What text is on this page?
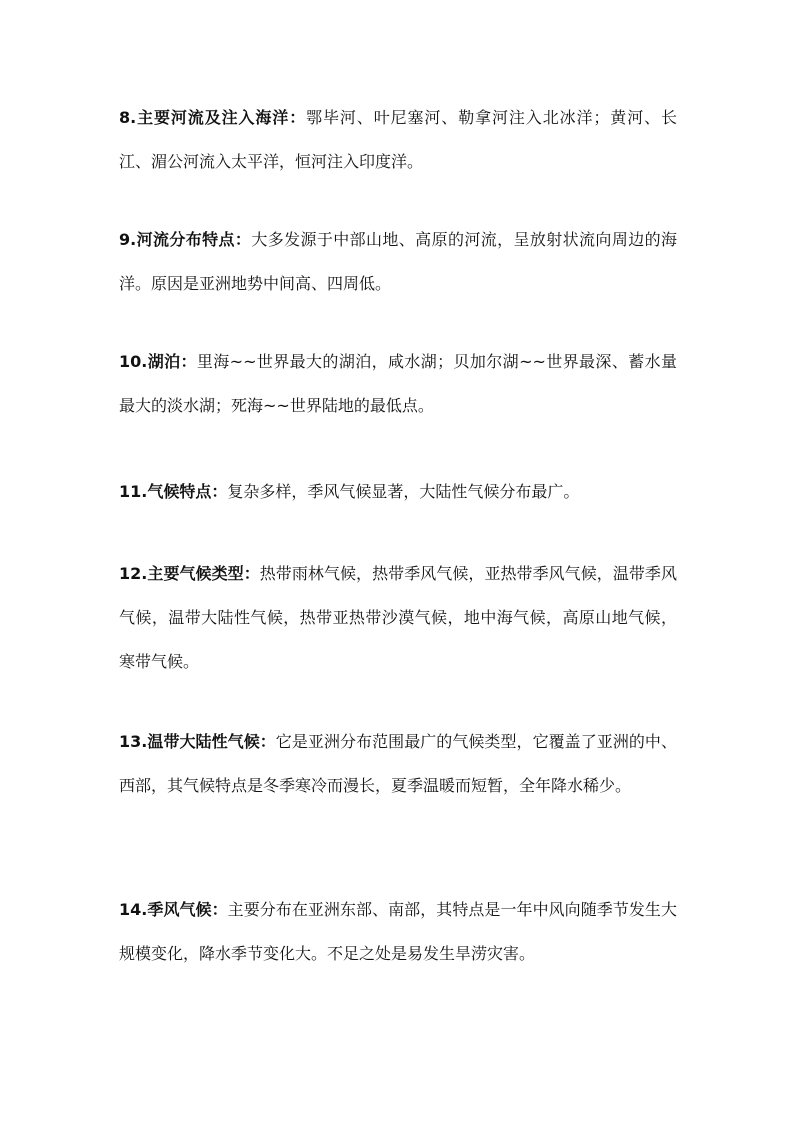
8.主要河流及注入海洋：鄂毕河、叶尼塞河、勒拿河注入北冰洋；黄河、长江、湄公河流入太平洋，恒河注入印度洋。

9.河流分布特点：大多发源于中部山地、高原的河流，呈放射状流向周边的海洋。原因是亚洲地势中间高、四周低。

10.湖泊：里海~~世界最大的湖泊，咸水湖；贝加尔湖~~世界最深、蓄水量最大的淡水湖；死海~~世界陆地的最低点。

11.气候特点：复杂多样，季风气候显著，大陆性气候分布最广。

12.主要气候类型：热带雨林气候，热带季风气候，亚热带季风气候，温带季风气候，温带大陆性气候，热带亚热带沙漠气候，地中海气候，高原山地气候，寒带气候。

13.温带大陆性气候：它是亚洲分布范围最广的气候类型，它覆盖了亚洲的中、西部，其气候特点是冬季寒冷而漫长，夏季温暖而短暂，全年降水稀少。

14.季风气候：主要分布在亚洲东部、南部，其特点是一年中风向随季节发生大规模变化，降水季节变化大。不足之处是易发生旱涝灾害。
